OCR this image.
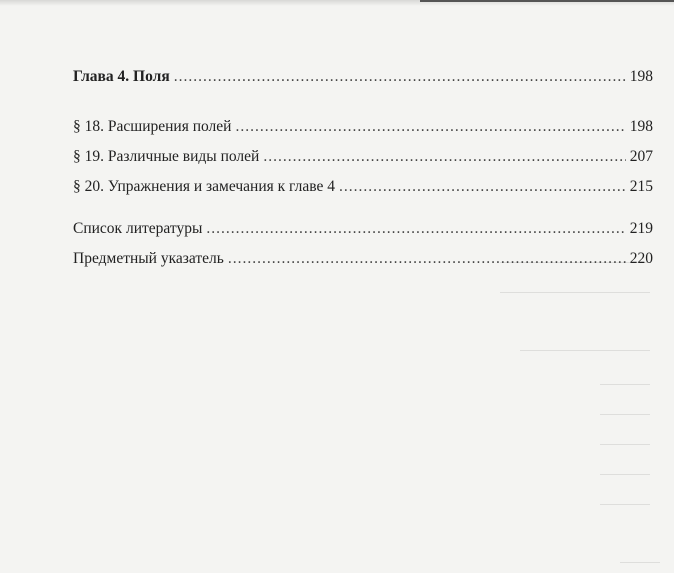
Глава 4. Поля .....	198
§ 18. Расширения полей .....	198
§ 19. Различные виды полей .....	207
§ 20. Упражнения и замечания к главе 4 .....	215
Список литературы .....	219
Предметный указатель .....	220
